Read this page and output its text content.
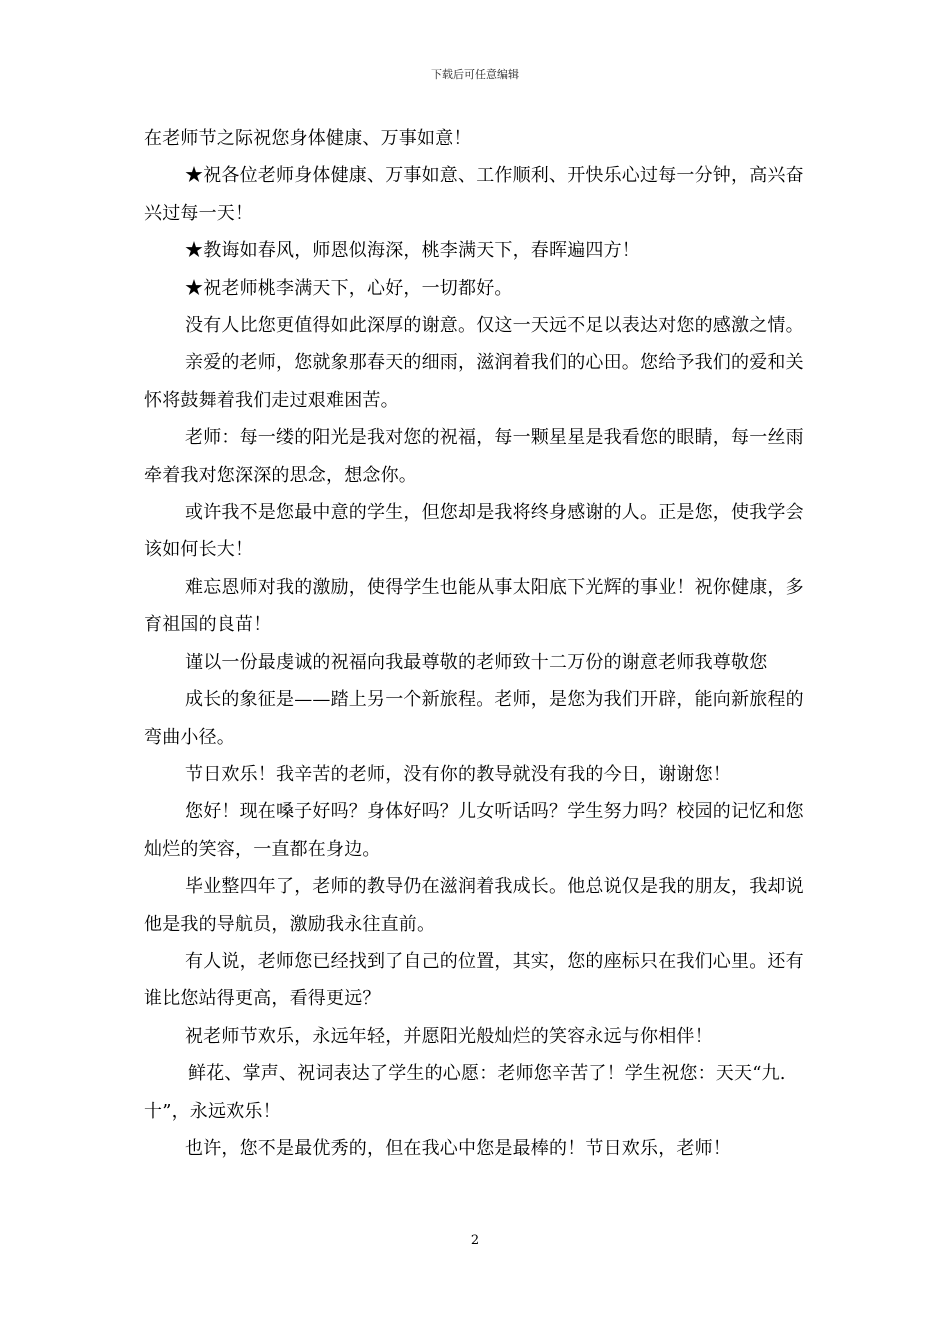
下载后可任意编辑

在老师节之际祝您身体健康、万事如意！

★祝各位老师身体健康、万事如意、工作顺利、开快乐心过每一分钟，高兴奋兴过每一天！

★教诲如春风，师恩似海深，桃李满天下，春晖遍四方！

★祝老师桃李满天下，心好，一切都好。

没有人比您更值得如此深厚的谢意。仅这一天远不足以表达对您的感激之情。

亲爱的老师，您就象那春天的细雨，滋润着我们的心田。您给予我们的爱和关怀将鼓舞着我们走过艰难困苦。

老师：每一缕的阳光是我对您的祝福，每一颗星星是我看您的眼睛，每一丝雨牵着我对您深深的思念，想念你。

或许我不是您最中意的学生，但您却是我将终身感谢的人。正是您，使我学会该如何长大！

难忘恩师对我的激励，使得学生也能从事太阳底下光辉的事业！祝你健康，多育祖国的良苗！

谨以一份最虔诚的祝福向我最尊敬的老师致十二万份的谢意老师我尊敬您

成长的象征是——踏上另一个新旅程。老师，是您为我们开辟，能向新旅程的弯曲小径。

节日欢乐！我辛苦的老师，没有你的教导就没有我的今日，谢谢您！

您好！现在嗓子好吗？身体好吗？儿女听话吗？学生努力吗？校园的记忆和您灿烂的笑容，一直都在身边。

毕业整四年了，老师的教导仍在滋润着我成长。他总说仅是我的朋友，我却说他是我的导航员，激励我永往直前。

有人说，老师您已经找到了自己的位置，其实，您的座标只在我们心里。还有谁比您站得更高，看得更远？

祝老师节欢乐，永远年轻，并愿阳光般灿烂的笑容永远与你相伴！

鲜花、掌声、祝词表达了学生的心愿：老师您辛苦了！学生祝您：天天“九. 十”，永远欢乐！

也许，您不是最优秀的，但在我心中您是最棒的！节日欢乐，老师！

2
